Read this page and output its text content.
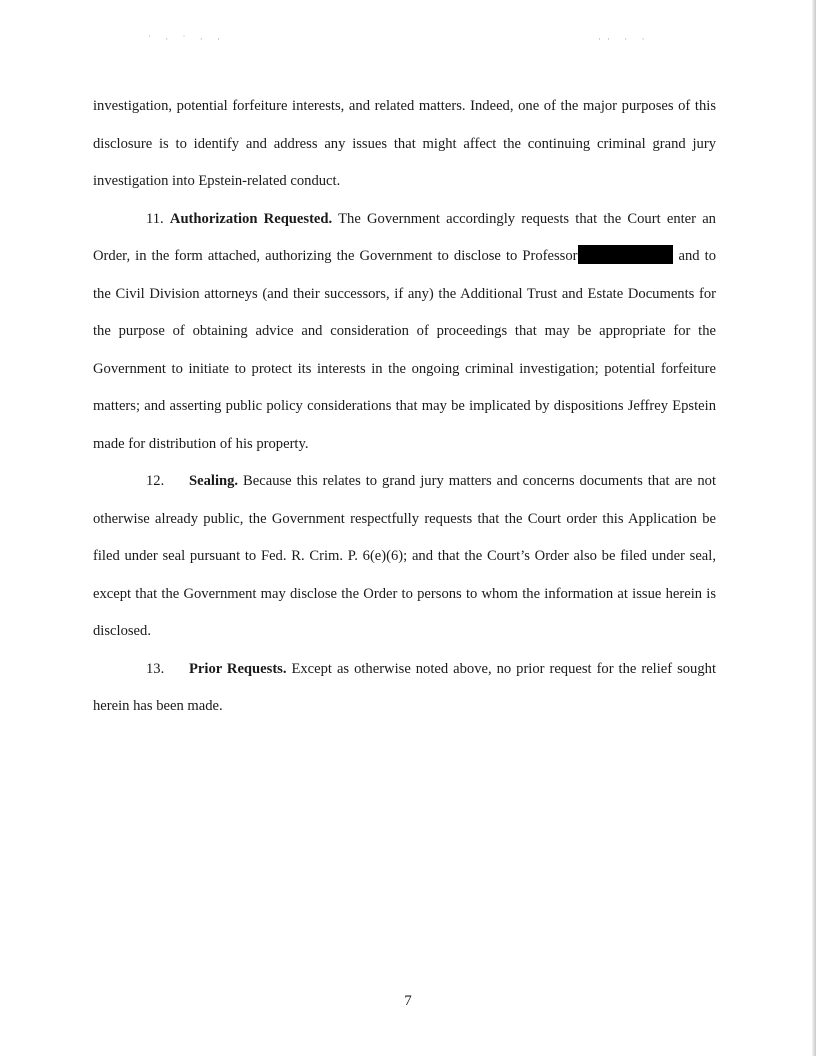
˙ · ˙ · ·	·· · ·

investigation, potential forfeiture interests, and related matters. Indeed, one of the major purposes of this disclosure is to identify and address any issues that might affect the continuing criminal grand jury investigation into Epstein-related conduct.

11. Authorization Requested. The Government accordingly requests that the Court enter an Order, in the form attached, authorizing the Government to disclose to Professor	and to the Civil Division attorneys (and their successors, if any) the Additional Trust and Estate Documents for the purpose of obtaining advice and consideration of proceedings that may be appropriate for the Government to initiate to protect its interests in the ongoing criminal investigation; potential forfeiture matters; and asserting public policy considerations that may be implicated by dispositions Jeffrey Epstein made for distribution of his property.

12. Sealing. Because this relates to grand jury matters and concerns documents that are not otherwise already public, the Government respectfully requests that the Court order this Application be filed under seal pursuant to Fed. R. Crim. P. 6(e)(6); and that the Court’s Order also be filed under seal, except that the Government may disclose the Order to persons to whom the information at issue herein is disclosed.

13. Prior Requests. Except as otherwise noted above, no prior request for the relief sought herein has been made.

7
